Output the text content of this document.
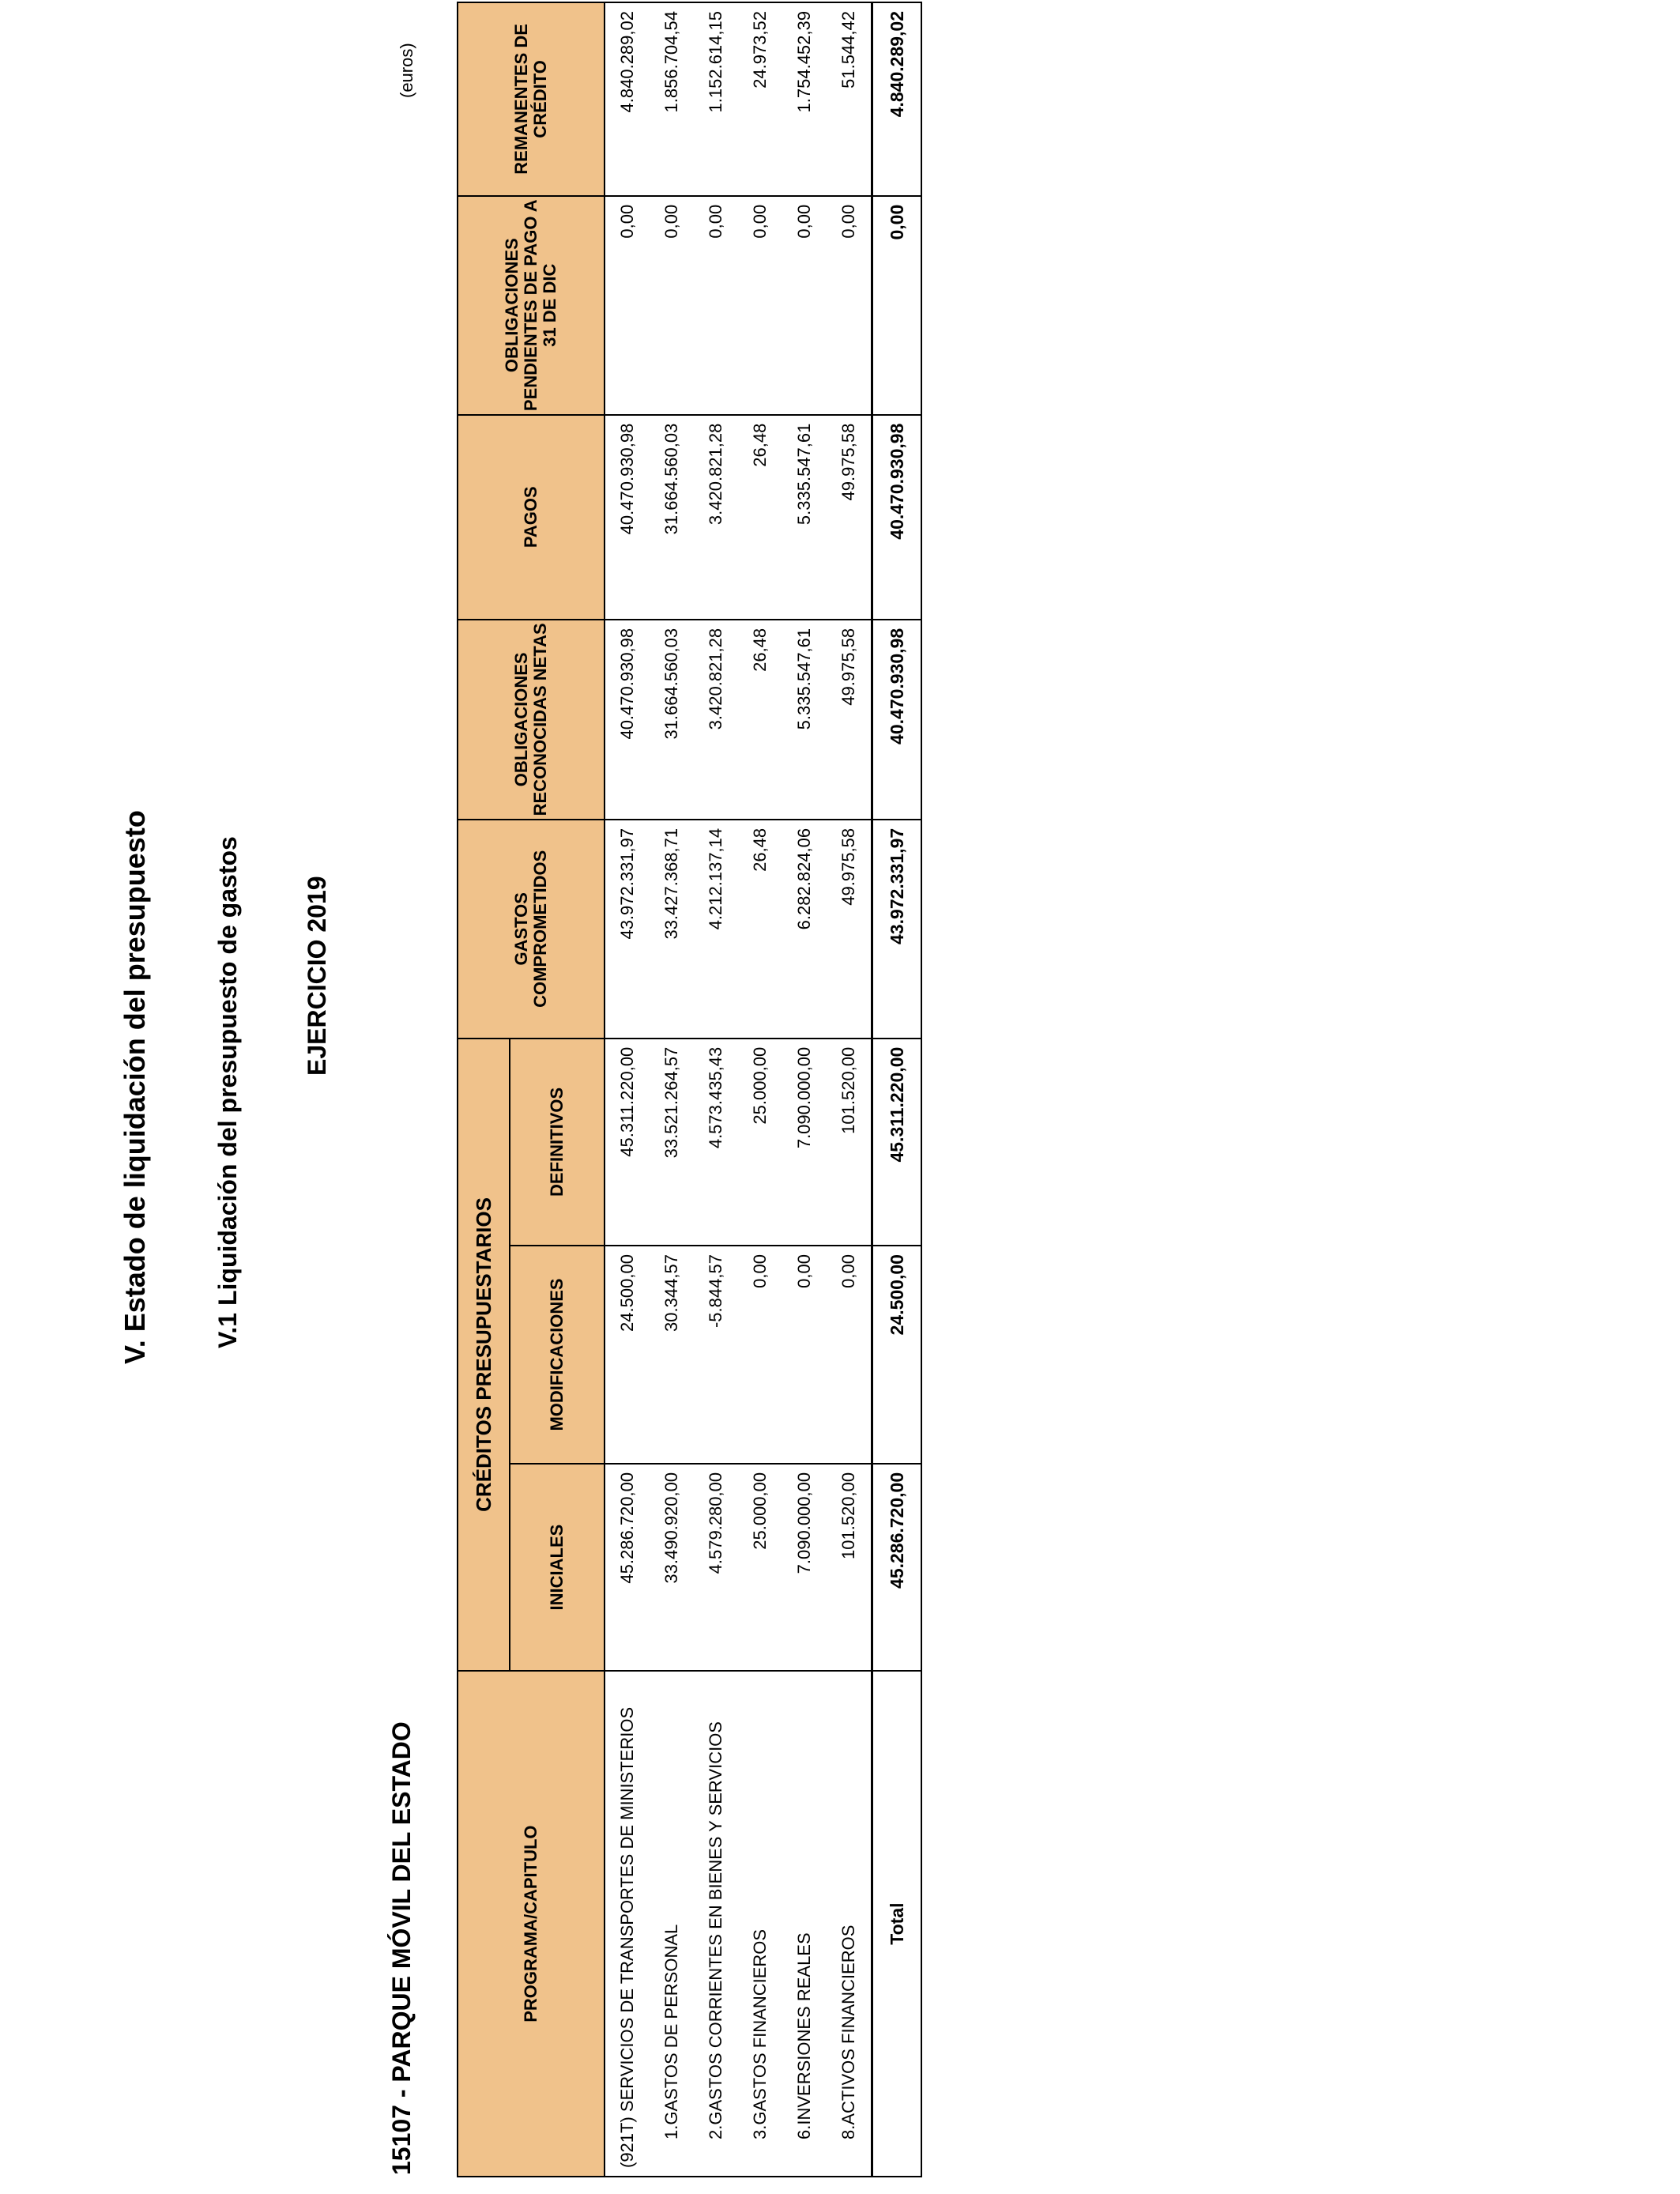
V. Estado de liquidación del presupuesto V.1 Liquidación del presupuesto de gastos EJERCICIO 2019
15107 - PARQUE MÓVIL DEL ESTADO
(euros)
PROGRAMA/CAPITULO	CRÉDITOS PRESUPUESTARIOS			GASTOS COMPROMETIDOS	OBLIGACIONES RECONOCIDAS NETAS	PAGOS	OBLIGACIONES PENDIENTES DE PAGO A 31 DE DIC	REMANENTES DE CRÉDITO
	INICIALES	MODIFICACIONES	DEFINITIVOS					
(921T) SERVICIOS DE TRANSPORTES DE MINISTERIOS	45.286.720,00	24.500,00	45.311.220,00	43.972.331,97	40.470.930,98	40.470.930,98	0,00	4.840.289,02
1.GASTOS DE PERSONAL	33.490.920,00	30.344,57	33.521.264,57	33.427.368,71	31.664.560,03	31.664.560,03	0,00	1.856.704,54
2.GASTOS CORRIENTES EN BIENES Y SERVICIOS	4.579.280,00	-5.844,57	4.573.435,43	4.212.137,14	3.420.821,28	3.420.821,28	0,00	1.152.614,15
3.GASTOS FINANCIEROS	25.000,00	0,00	25.000,00	26,48	26,48	26,48	0,00	24.973,52
6.INVERSIONES REALES	7.090.000,00	0,00	7.090.000,00	6.282.824,06	5.335.547,61	5.335.547,61	0,00	1.754.452,39
8.ACTIVOS FINANCIEROS	101.520,00	0,00	101.520,00	49.975,58	49.975,58	49.975,58	0,00	51.544,42
Total	45.286.720,00	24.500,00	45.311.220,00	43.972.331,97	40.470.930,98	40.470.930,98	0,00	4.840.289,02
